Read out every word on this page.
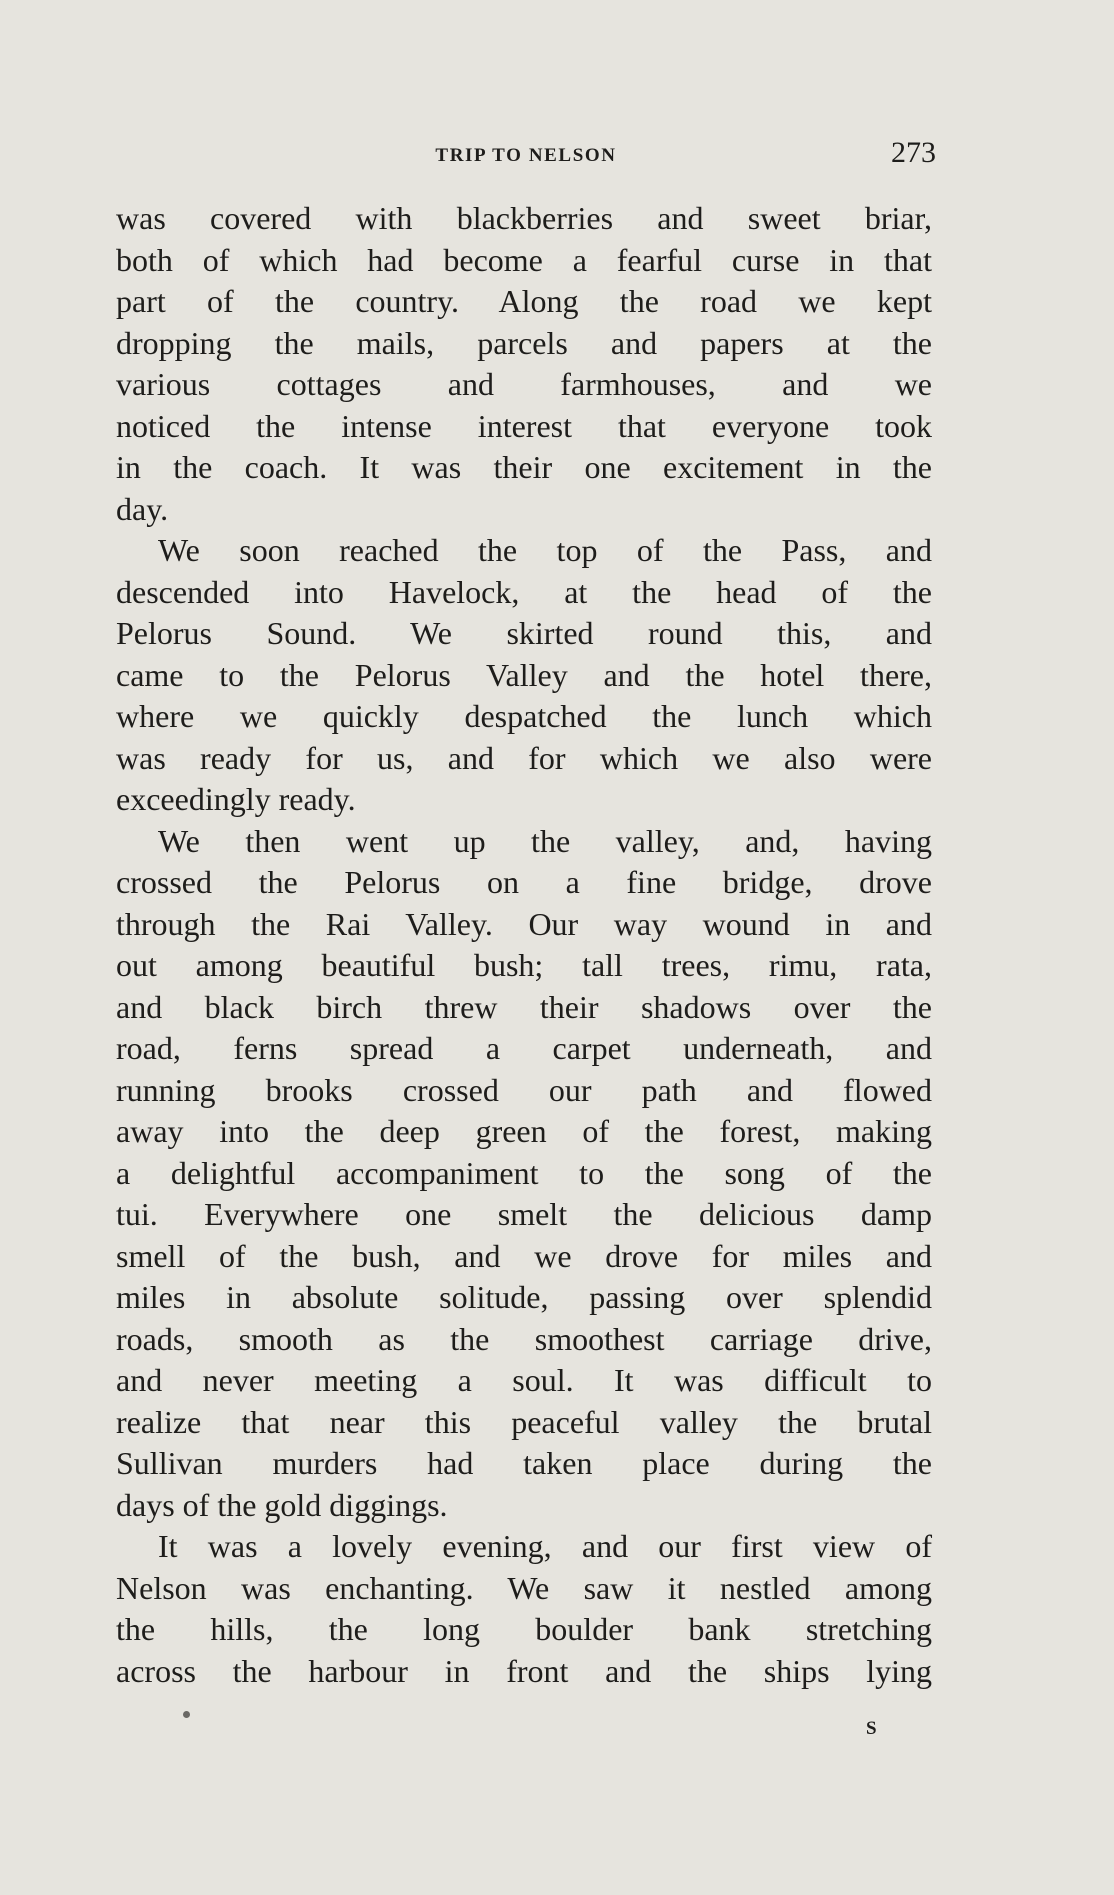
TRIP TO NELSON	273
was covered with blackberries and sweet briar,
both of which had become a fearful curse in that
part of the country. Along the road we kept
dropping the mails, parcels and papers at the
various cottages and farmhouses, and we
noticed the intense interest that everyone took
in the coach. It was their one excitement in the
day.
We soon reached the top of the Pass, and
descended into Havelock, at the head of the
Pelorus Sound. We skirted round this, and
came to the Pelorus Valley and the hotel there,
where we quickly despatched the lunch which
was ready for us, and for which we also were
exceedingly ready.
We then went up the valley, and, having
crossed the Pelorus on a fine bridge, drove
through the Rai Valley. Our way wound in and
out among beautiful bush; tall trees, rimu, rata,
and black birch threw their shadows over the
road, ferns spread a carpet underneath, and
running brooks crossed our path and flowed
away into the deep green of the forest, making
a delightful accompaniment to the song of the
tui. Everywhere one smelt the delicious damp
smell of the bush, and we drove for miles and
miles in absolute solitude, passing over splendid
roads, smooth as the smoothest carriage drive,
and never meeting a soul. It was difficult to
realize that near this peaceful valley the brutal
Sullivan murders had taken place during the
days of the gold diggings.
It was a lovely evening, and our first view of
Nelson was enchanting. We saw it nestled among
the hills, the long boulder bank stretching
across the harbour in front and the ships lying
S
